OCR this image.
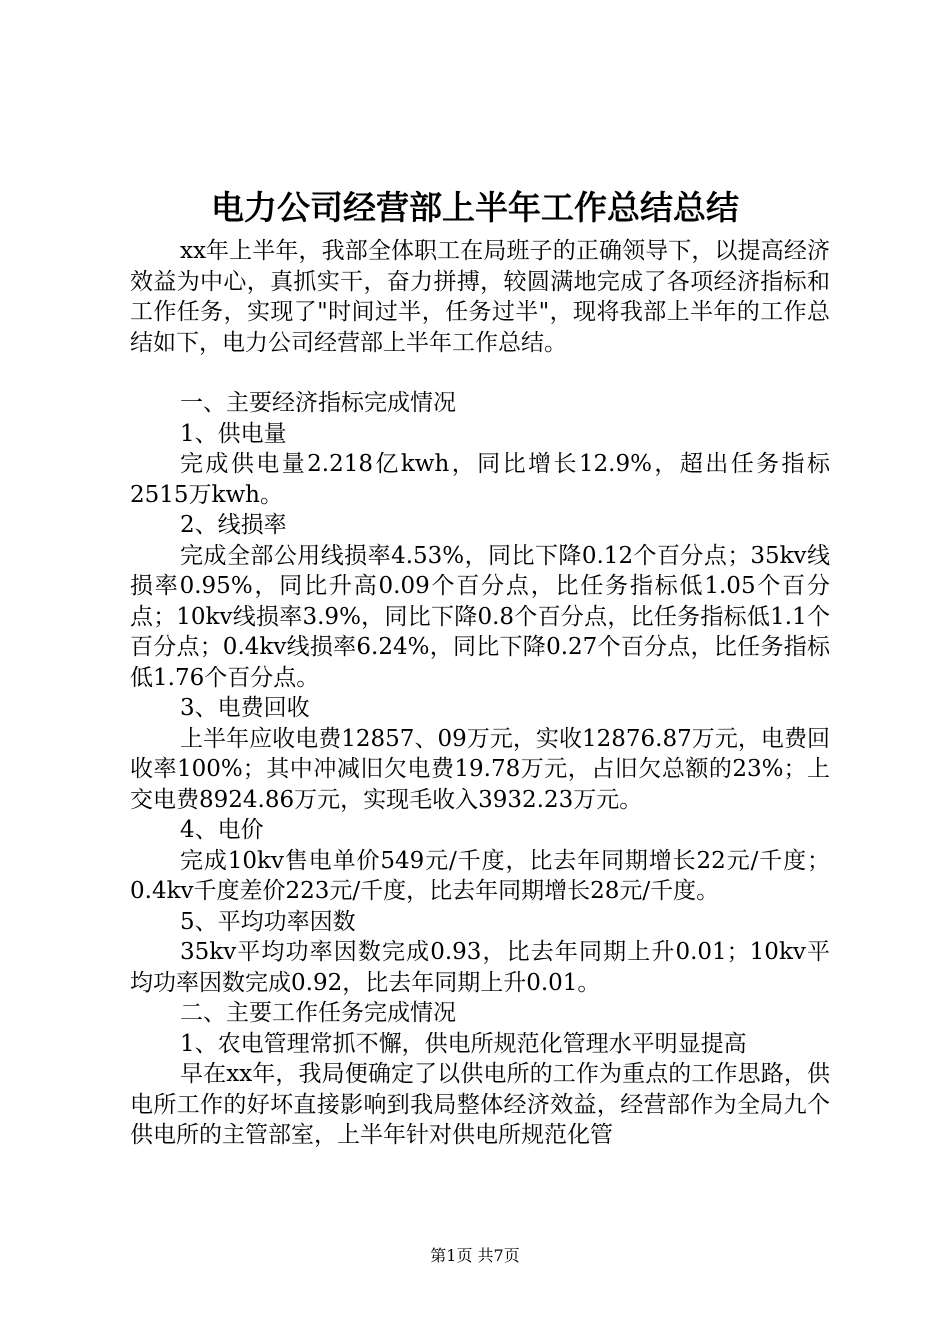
电力公司经营部上半年工作总结总结

xx年上半年，我部全体职工在局班子的正确领导下，以提高经济效益为中心，真抓实干，奋力拼搏，较圆满地完成了各项经济指标和工作任务，实现了"时间过半，任务过半"，现将我部上半年的工作总结如下，电力公司经营部上半年工作总结。

一、主要经济指标完成情况

1、供电量

完成供电量2.218亿kwh，同比增长12.9%，超出任务指标2515万kwh。

2、线损率

完成全部公用线损率4.53%，同比下降0.12个百分点；35kv线损率0.95%，同比升高0.09个百分点，比任务指标低1.05个百分点；10kv线损率3.9%，同比下降0.8个百分点，比任务指标低1.1个百分点；0.4kv线损率6.24%，同比下降0.27个百分点，比任务指标低1.76个百分点。

3、电费回收

上半年应收电费12857、09万元，实收12876.87万元，电费回收率100%；其中冲减旧欠电费19.78万元，占旧欠总额的23%；上交电费8924.86万元，实现毛收入3932.23万元。

4、电价

完成10kv售电单价549元/千度，比去年同期增长22元/千度；0.4kv千度差价223元/千度，比去年同期增长28元/千度。

5、平均功率因数

35kv平均功率因数完成0.93，比去年同期上升0.01；10kv平均功率因数完成0.92，比去年同期上升0.01。

二、主要工作任务完成情况

1、农电管理常抓不懈，供电所规范化管理水平明显提高

早在xx年，我局便确定了以供电所的工作为重点的工作思路，供电所工作的好坏直接影响到我局整体经济效益，经营部作为全局九个供电所的主管部室，上半年针对供电所规范化管

第1页 共7页
